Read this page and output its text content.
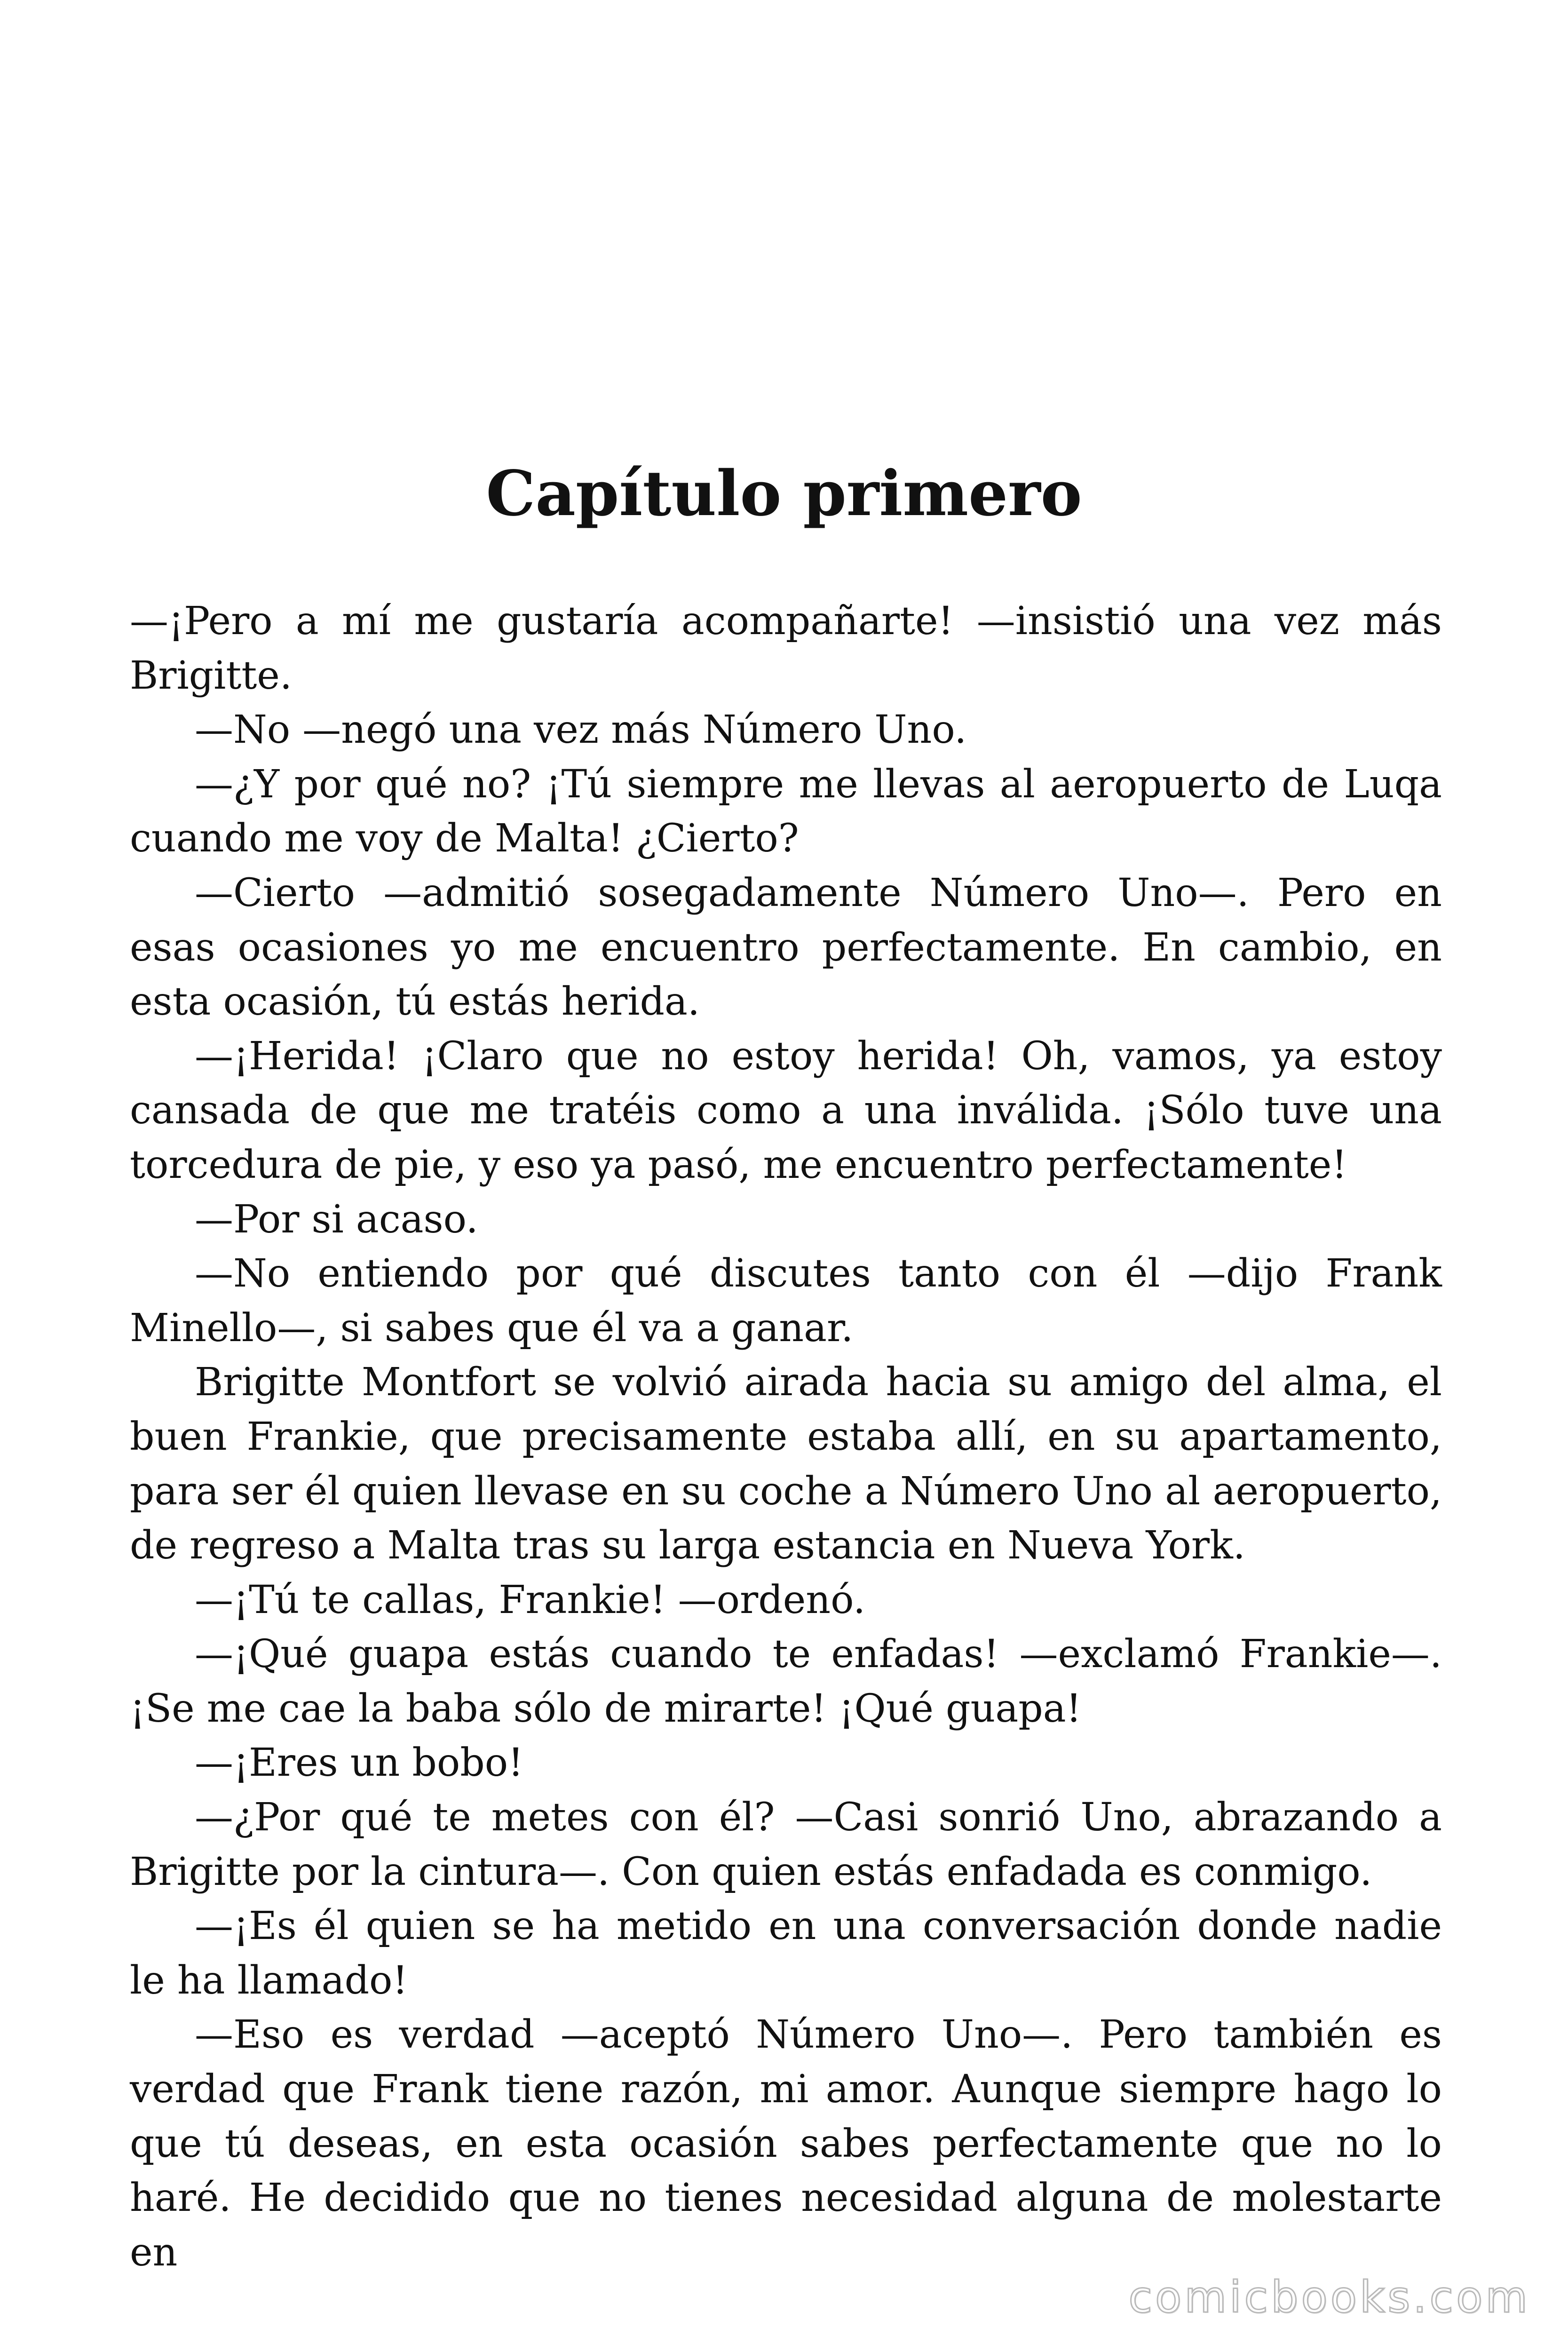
Capítulo primero

—¡Pero a mí me gustaría acompañarte! —insistió una vez más Brigitte.

—No —negó una vez más Número Uno.

—¿Y por qué no? ¡Tú siempre me llevas al aeropuerto de Luqa cuando me voy de Malta! ¿Cierto?

—Cierto —admitió sosegadamente Número Uno—. Pero en esas ocasiones yo me encuentro perfectamente. En cambio, en esta ocasión, tú estás herida.

—¡Herida! ¡Claro que no estoy herida! Oh, vamos, ya estoy cansada de que me tratéis como a una inválida. ¡Sólo tuve una torcedura de pie, y eso ya pasó, me encuentro perfectamente!

—Por si acaso.

—No entiendo por qué discutes tanto con él —dijo Frank Minello—, si sabes que él va a ganar.

Brigitte Montfort se volvió airada hacia su amigo del alma, el buen Frankie, que precisamente estaba allí, en su apartamento, para ser él quien llevase en su coche a Número Uno al aeropuerto, de regreso a Malta tras su larga estancia en Nueva York.

—¡Tú te callas, Frankie! —ordenó.

—¡Qué guapa estás cuando te enfadas! —exclamó Frankie—. ¡Se me cae la baba sólo de mirarte! ¡Qué guapa!

—¡Eres un bobo!

—¿Por qué te metes con él? —Casi sonrió Uno, abrazando a Brigitte por la cintura—. Con quien estás enfadada es conmigo.

—¡Es él quien se ha metido en una conversación donde nadie le ha llamado!

—Eso es verdad —aceptó Número Uno—. Pero también es verdad que Frank tiene razón, mi amor. Aunque siempre hago lo que tú deseas, en esta ocasión sabes perfectamente que no lo haré. He decidido que no tienes necesidad alguna de molestarte en

comicbooks.com
